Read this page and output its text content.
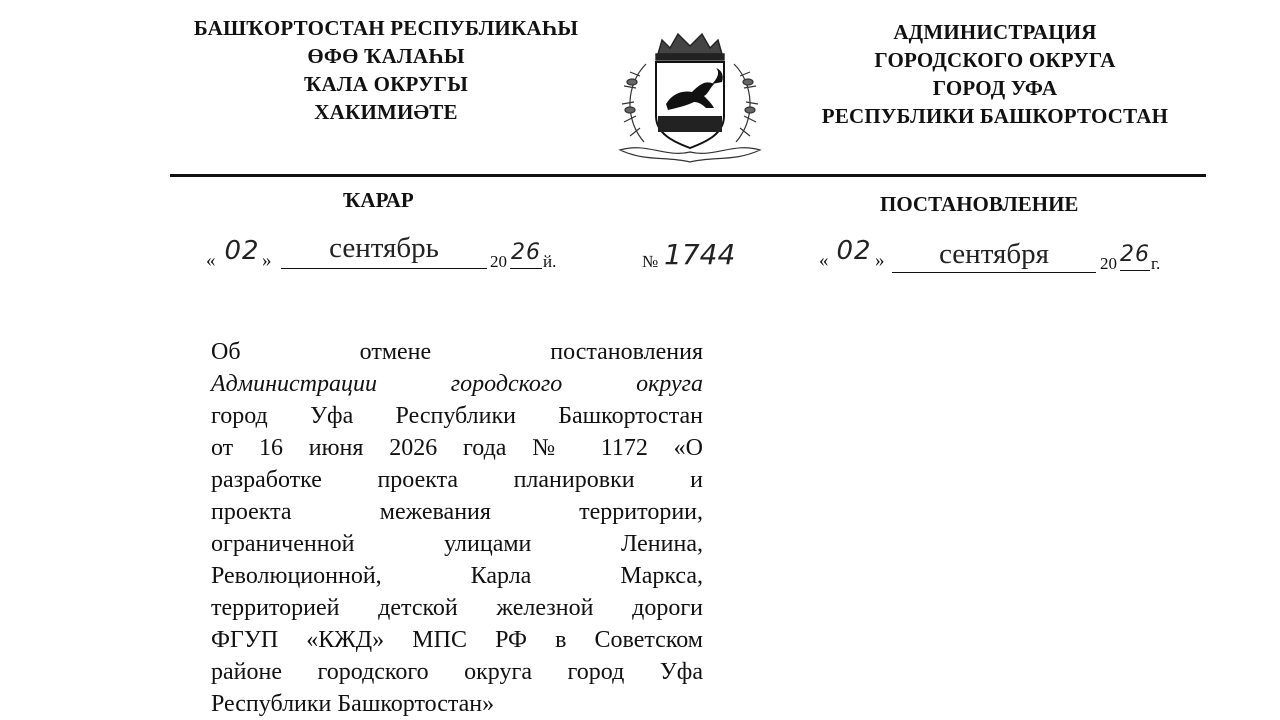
БАШҠОРТОСТАН РЕСПУБЛИКАҺЫ
ӨФӨ ҠАЛАҺЫ
ҠАЛА ОКРУГЫ
ХАКИМИӘТЕ
АДМИНИСТРАЦИЯ
ГОРОДСКОГО ОКРУГА
ГОРОД УФА
РЕСПУБЛИКИ БАШКОРТОСТАН
ҠАРАР	ПОСТАНОВЛЕНИЕ
« 02 »	сентябрь	20 26 й.	№ 1744	« 02 »	сентября	20 26 г.
Об отмене постановления
Администрации городского округа
город Уфа Республики Башкортостан
от 16 июня 2026 года № 1172 «О
разработке проекта планировки и
проекта межевания территории,
ограниченной улицами Ленина,
Революционной, Карла Маркса,
территорией детской железной дороги
ФГУП «КЖД» МПС РФ в Советском
районе городского округа город Уфа
Республики Башкортостан»
